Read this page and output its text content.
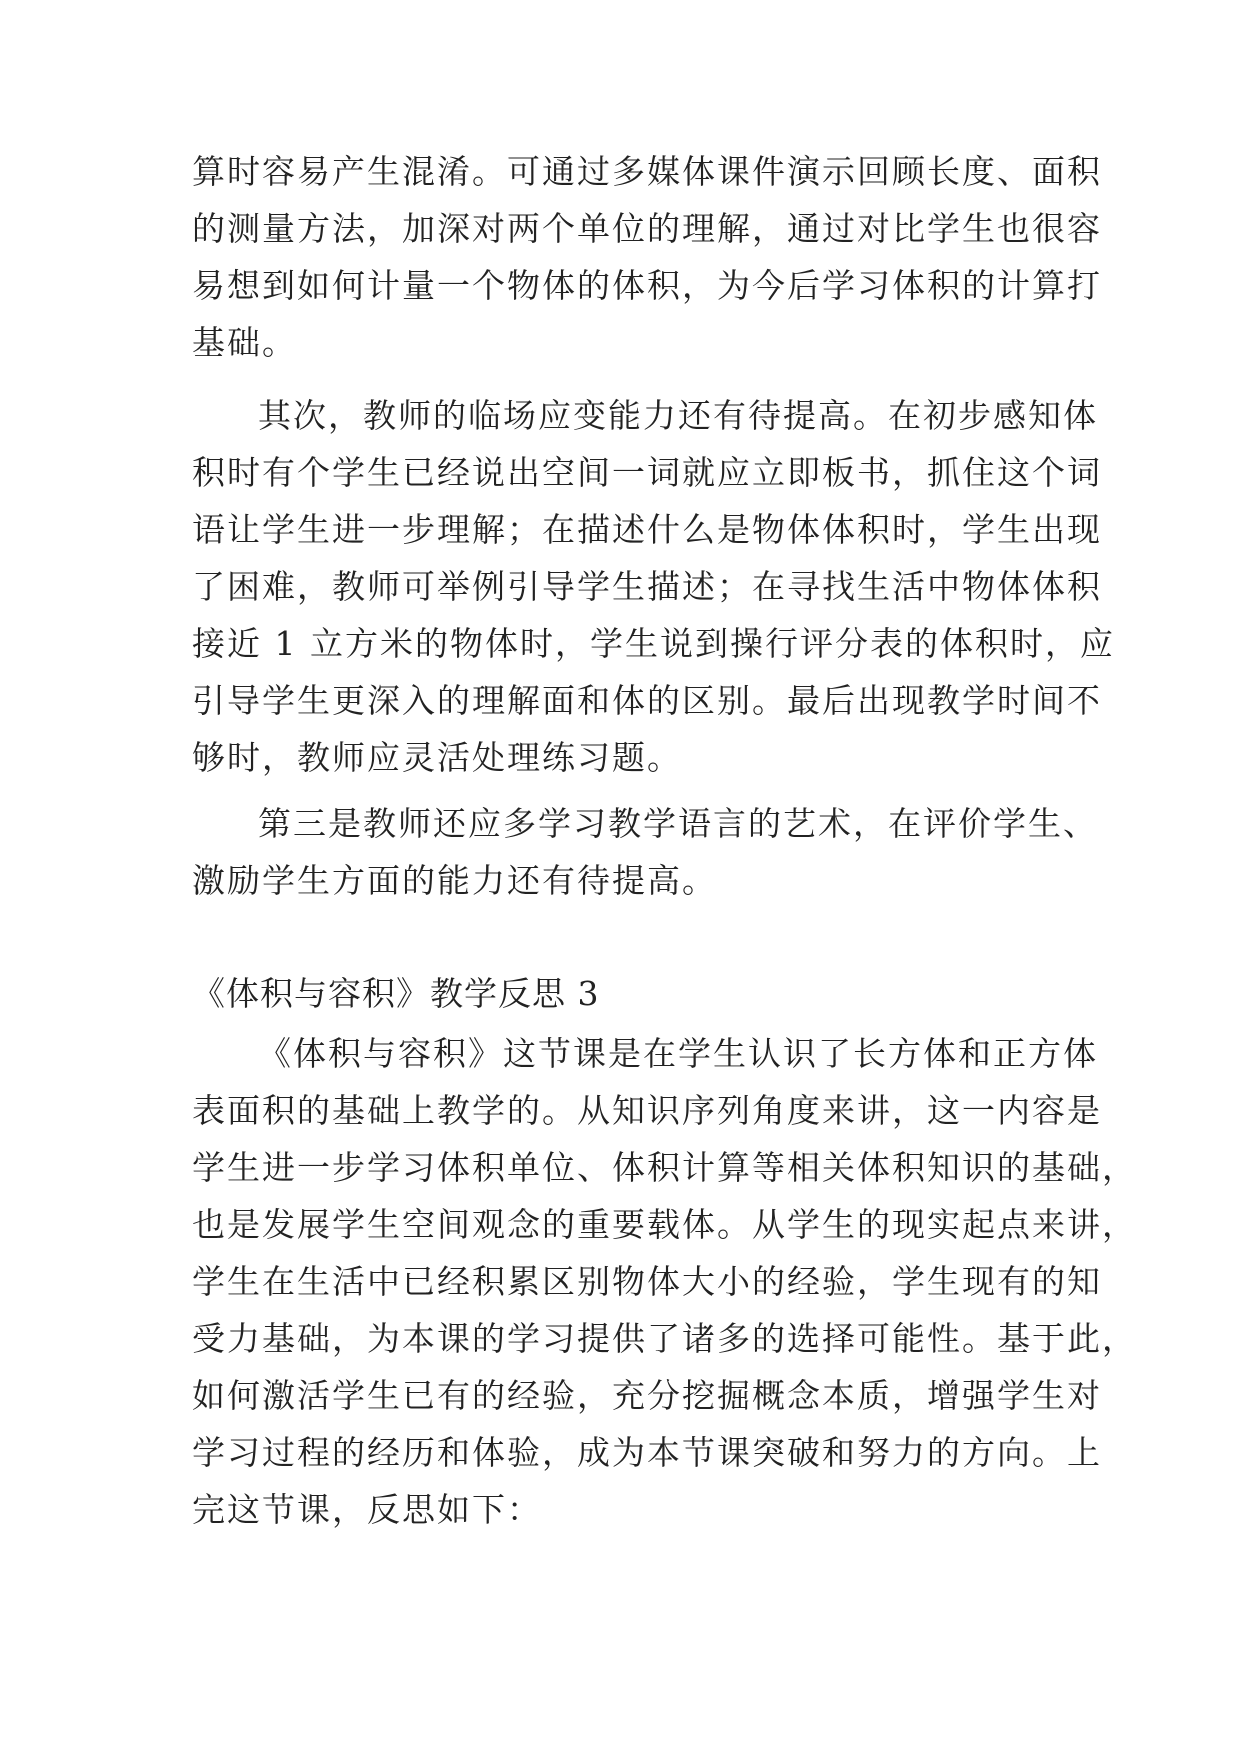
算时容易产生混淆。可通过多媒体课件演示回顾长度、面积
的测量方法，加深对两个单位的理解，通过对比学生也很容
易想到如何计量一个物体的体积，为今后学习体积的计算打
基础。
其次，教师的临场应变能力还有待提高。在初步感知体
积时有个学生已经说出空间一词就应立即板书，抓住这个词
语让学生进一步理解；在描述什么是物体体积时，学生出现
了困难，教师可举例引导学生描述；在寻找生活中物体体积
接近 1 立方米的物体时，学生说到操行评分表的体积时，应
引导学生更深入的理解面和体的区别。最后出现教学时间不
够时，教师应灵活处理练习题。
第三是教师还应多学习教学语言的艺术，在评价学生、
激励学生方面的能力还有待提高。
《体积与容积》教学反思 3
《体积与容积》这节课是在学生认识了长方体和正方体
表面积的基础上教学的。从知识序列角度来讲，这一内容是
学生进一步学习体积单位、体积计算等相关体积知识的基础，
也是发展学生空间观念的重要载体。从学生的现实起点来讲，
学生在生活中已经积累区别物体大小的经验，学生现有的知
受力基础，为本课的学习提供了诸多的选择可能性。基于此，
如何激活学生已有的经验，充分挖掘概念本质，增强学生对
学习过程的经历和体验，成为本节课突破和努力的方向。上
完这节课，反思如下：
